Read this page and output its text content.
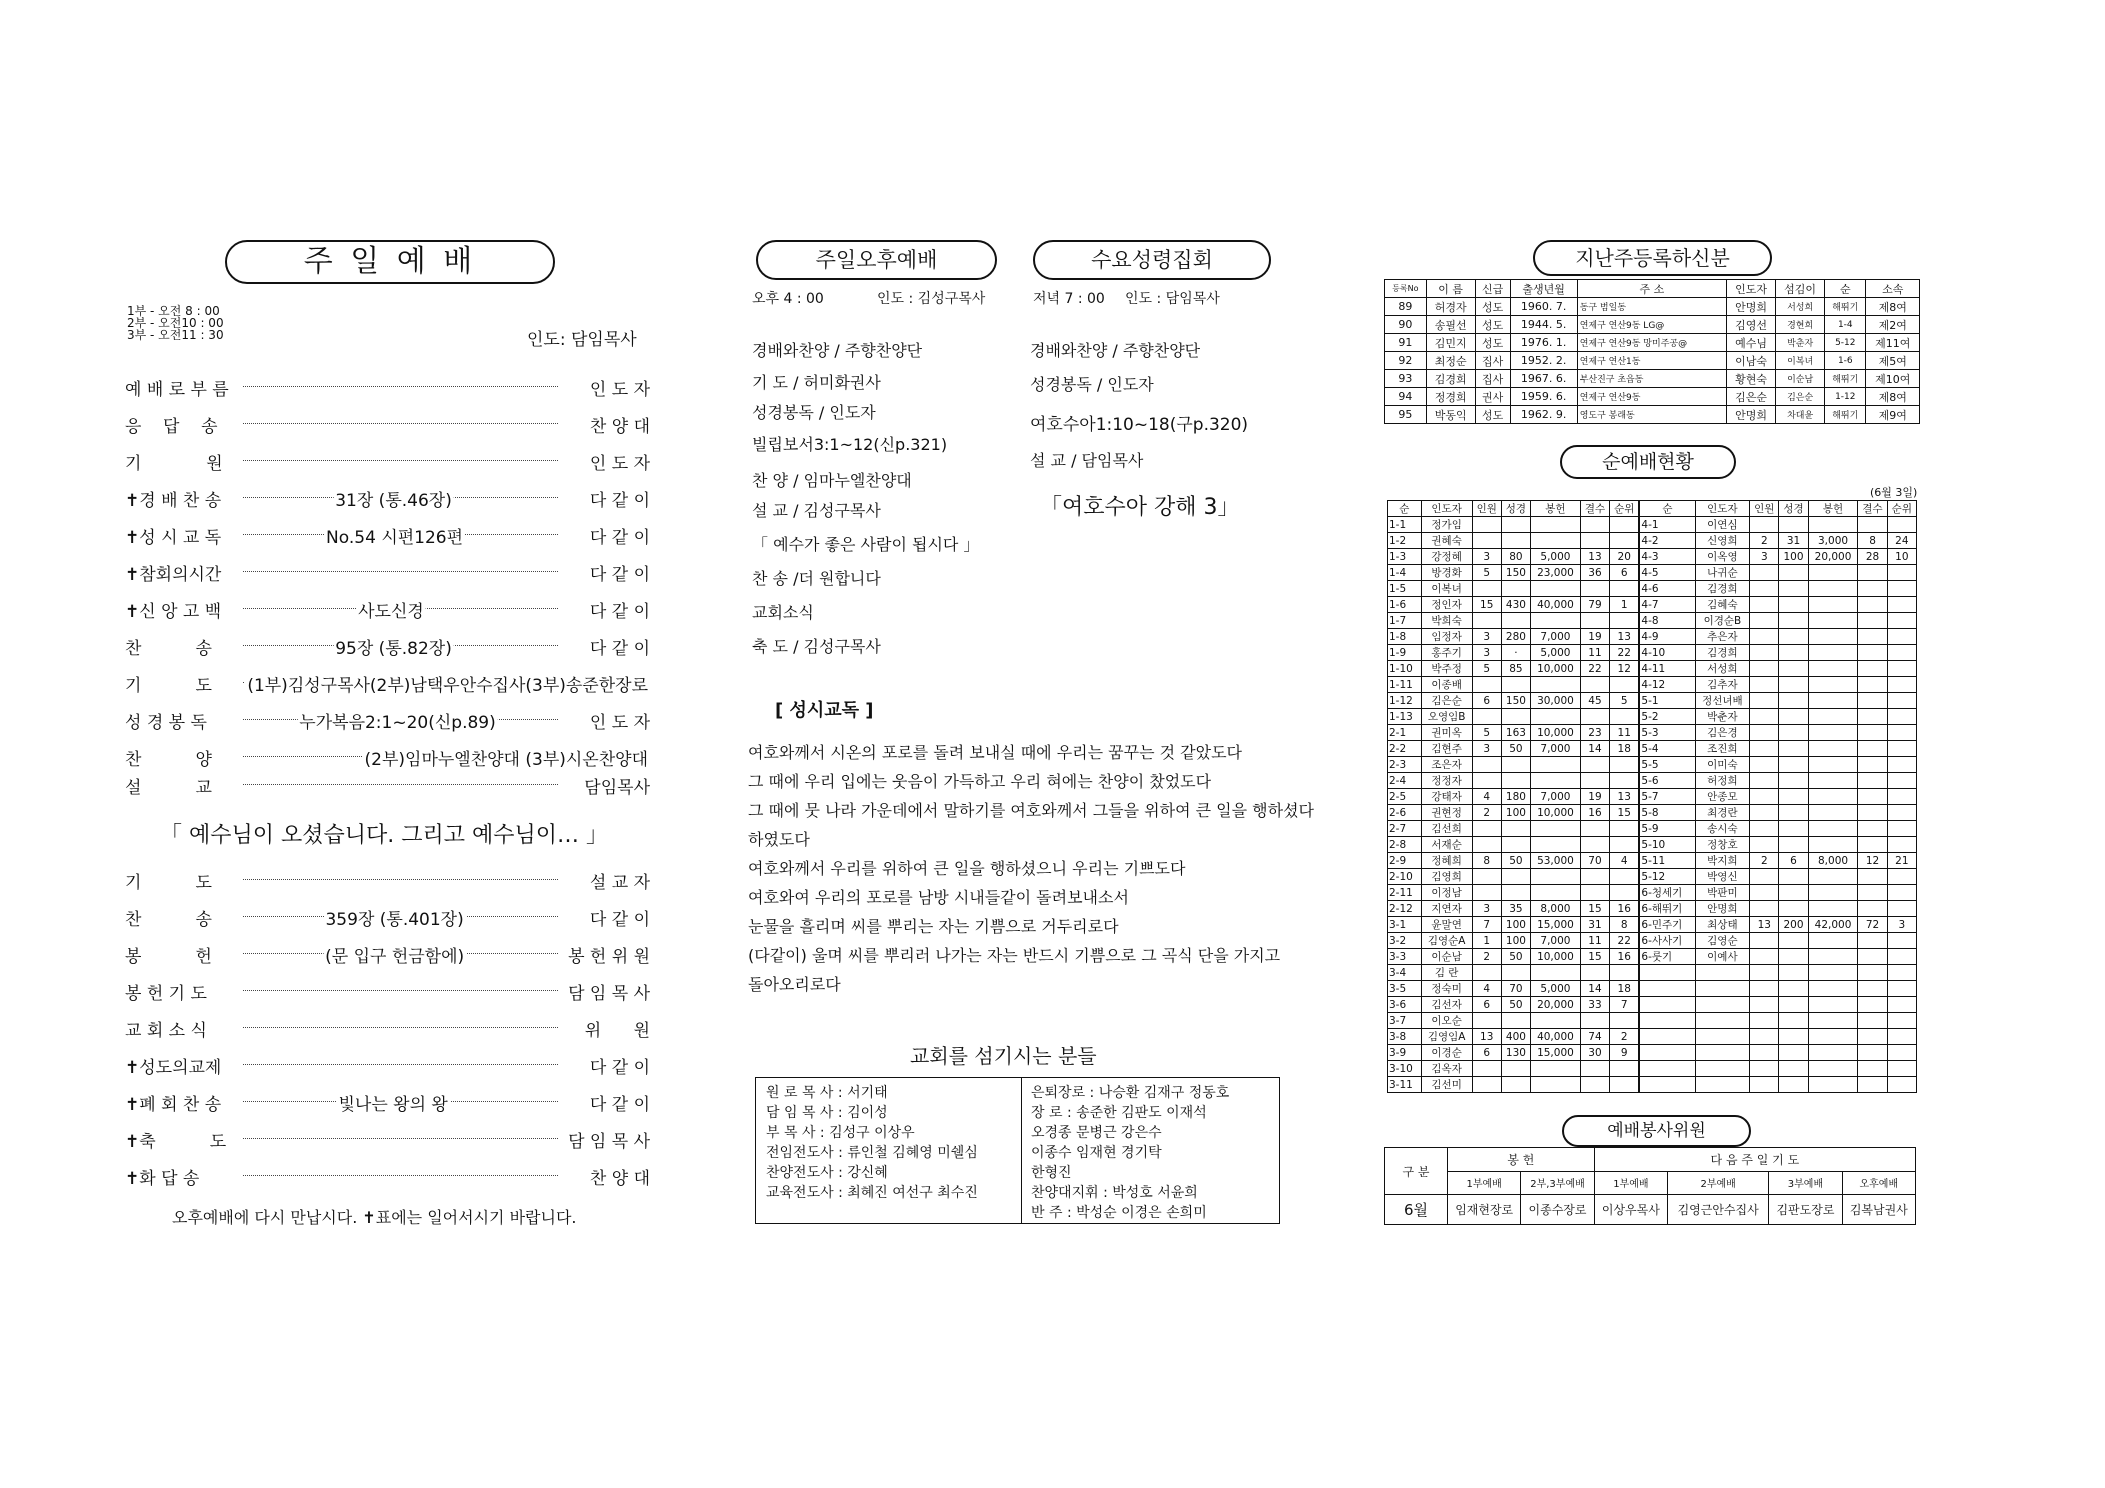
주 일 예 배
1부 - 오전 8 : 00
2부 - 오전10 : 00
3부 - 오전11 : 30	인도: 담임목사
예 배 로 부 름	인 도 자
응    답    송	찬 양 대
기            원	인 도 자
✝경 배 찬 송	31장 (통.46장)	다 같 이
✝성 시 교 독	No.54 시편126편	다 같 이
✝참회의시간	다 같 이
✝신 앙 고 백	사도신경	다 같 이
찬          송	95장 (통.82장)	다 같 이
기          도 (1부)김성구목사(2부)남택우안수집사(3부)송준한장로
성 경 봉 독	누가복음2:1~20(신p.89)	인 도 자
찬          양	(2부)임마누엘찬양대 (3부)시온찬양대
설          교	담임목사
「 예수님이 오셨습니다. 그리고 예수님이… 」
기          도	설 교 자
찬          송	359장 (통.401장)	다 같 이
봉          헌	(문 입구 헌금함에)	봉 헌 위 원
봉 헌 기 도	담 임 목 사
교 회 소 식	위      원
✝성도의교제	다 같 이
✝폐 회 찬 송	빛나는 왕의 왕	다 같 이
✝축          도	담 임 목 사
✝화 답 송	찬 양 대
오후예배에 다시 만납시다. ✝표에는 일어서시기 바랍니다.
주일오후예배	수요성령집회
오후 4 : 00	인도 : 김성구목사	저녁 7 : 00 인도 : 담임목사
경배와찬양 / 주향찬양단
기 도 / 허미화권사
성경봉독 / 인도자
빌립보서3:1~12(신p.321)
찬 양 / 임마누엘찬양대
설 교 / 김성구목사
「 예수가 좋은 사람이 됩시다 」
찬 송 /더 원합니다
교회소식
축 도 / 김성구목사
경배와찬양 / 주향찬양단
성경봉독 / 인도자
여호수아1:10~18(구p.320)
설 교 / 담임목사
「여호수아 강해 3」
[ 성시교독 ]
여호와께서 시온의 포로를 돌려 보내실 때에 우리는 꿈꾸는 것 같았도다
그 때에 우리 입에는 웃음이 가득하고 우리 혀에는 찬양이 찼었도다
그 때에 뭇 나라 가운데에서 말하기를 여호와께서 그들을 위하여 큰 일을 행하셨다
하였도다
여호와께서 우리를 위하여 큰 일을 행하셨으니 우리는 기쁘도다
여호와여 우리의 포로를 남방 시내들같이 돌려보내소서
눈물을 흘리며 씨를 뿌리는 자는 기쁨으로 거두리로다
(다같이) 울며 씨를 뿌리러 나가는 자는 반드시 기쁨으로 그 곡식 단을 가지고
돌아오리로다
교회를 섬기시는 분들
원 로 목 사 : 서기태
담 임 목 사 : 김이성
부 목 사 : 김성구 이상우
전임전도사 : 류인철 김혜영 미쉘심
찬양전도사 : 강신혜
교육전도사 : 최혜진 여선구 최수진
은퇴장로 : 나승환 김재구 정동호
장 로 : 송준한 김판도 이재석
오경종 문병근 강은수
이종수 임재현 경기탁
한형진
찬양대지휘 : 박성호 서윤희
반 주 : 박성순 이경은 손희미
지난주등록하신분
등록No	이 름	신급	출생년월	주 소	인도자	섬김이	순	소속
89	허경자	성도	1960. 7.	동구 범일동	안명희	서성희	해뛰기	제8여
90	송필선	성도	1944. 5.	연제구 연산9동 LG@	김영선	경현희	1-4	제2여
91	김민지	성도	1976. 1.	연제구 연산9동 망미주공@	예수님	박춘자	5-12	제11여
92	최정순	집사	1952. 2.	연제구 연산1동	이남숙	이복녀	1-6	제5여
93	김경희	집사	1967. 6.	부산진구 초읍동	황현숙	이순남	해뛰기	제10여
94	정경희	권사	1959. 6.	연제구 연산9동	김은순	김은순	1-12	제8여
95	박동익	성도	1962. 9.	영도구 봉래동	안명희	차대윤	해뛰기	제9여
순예배현황
(6월 3일)
순	인도자	인원	성경	봉헌	결수	순위	순	인도자	인원	성경	봉헌	결수	순위
1-1	정가임						4-1	이연심					
1-2	권혜숙						4-2	신영희	2	31	3,000	8	24
1-3	강정혜	3	80	5,000	13	20	4-3	이옥영	3	100	20,000	28	10
1-4	방경화	5	150	23,000	36	6	4-5	나귀순					
1-5	이복녀						4-6	김경희					
1-6	정인자	15	430	40,000	79	1	4-7	김혜숙					
1-7	박희숙						4-8	이경순B					
1-8	임정자	3	280	7,000	19	13	4-9	추은자					
1-9	홍주기	3	·	5,000	11	22	4-10	김경희					
1-10	박주정	5	85	10,000	22	12	4-11	서성희					
1-11	이종배						4-12	김추자					
1-12	김은순	6	150	30,000	45	5	5-1	정선녀배					
1-13	오영임B						5-2	박춘자					
2-1	권미옥	5	163	10,000	23	11	5-3	김은경					
2-2	김현주	3	50	7,000	14	18	5-4	조진희					
2-3	조은자						5-5	이미숙					
2-4	정정자						5-6	허정희					
2-5	강태자	4	180	7,000	19	13	5-7	안종모					
2-6	권현정	2	100	10,000	16	15	5-8	최경란					
2-7	김선희						5-9	송시숙					
2-8	서재순						5-10	정창호					
2-9	정혜희	8	50	53,000	70	4	5-11	박지희	2	6	8,000	12	21
2-10	김영희						5-12	박영신					
2-11	이정남						6-청세기	박판미					
2-12	지연자	3	35	8,000	15	16	6-해뛰기	안명희					
3-1	윤말연	7	100	15,000	31	8	6-민주기	최상태	13	200	42,000	72	3
3-2	김영순A	1	100	7,000	11	22	6-사사기	김영순					
3-3	이순남	2	50	10,000	15	16	6-룻기	이예사					
3-4	김 란												
3-5	정숙미	4	70	5,000	14	18							
3-6	김선자	6	50	20,000	33	7							
3-7	이오순												
3-8	김영임A	13	400	40,000	74	2							
3-9	이경순	6	130	15,000	30	9							
3-10	김옥자												
3-11	김선미												
예배봉사위원
구 분	봉 헌		다 음 주 일 기 도			
	1부예배	2부,3부예배	1부예배	2부예배	3부예배	오후예배
6월	임재현장로	이종수장로	이상우목사	김영근안수집사	김판도장로	김복남권사
